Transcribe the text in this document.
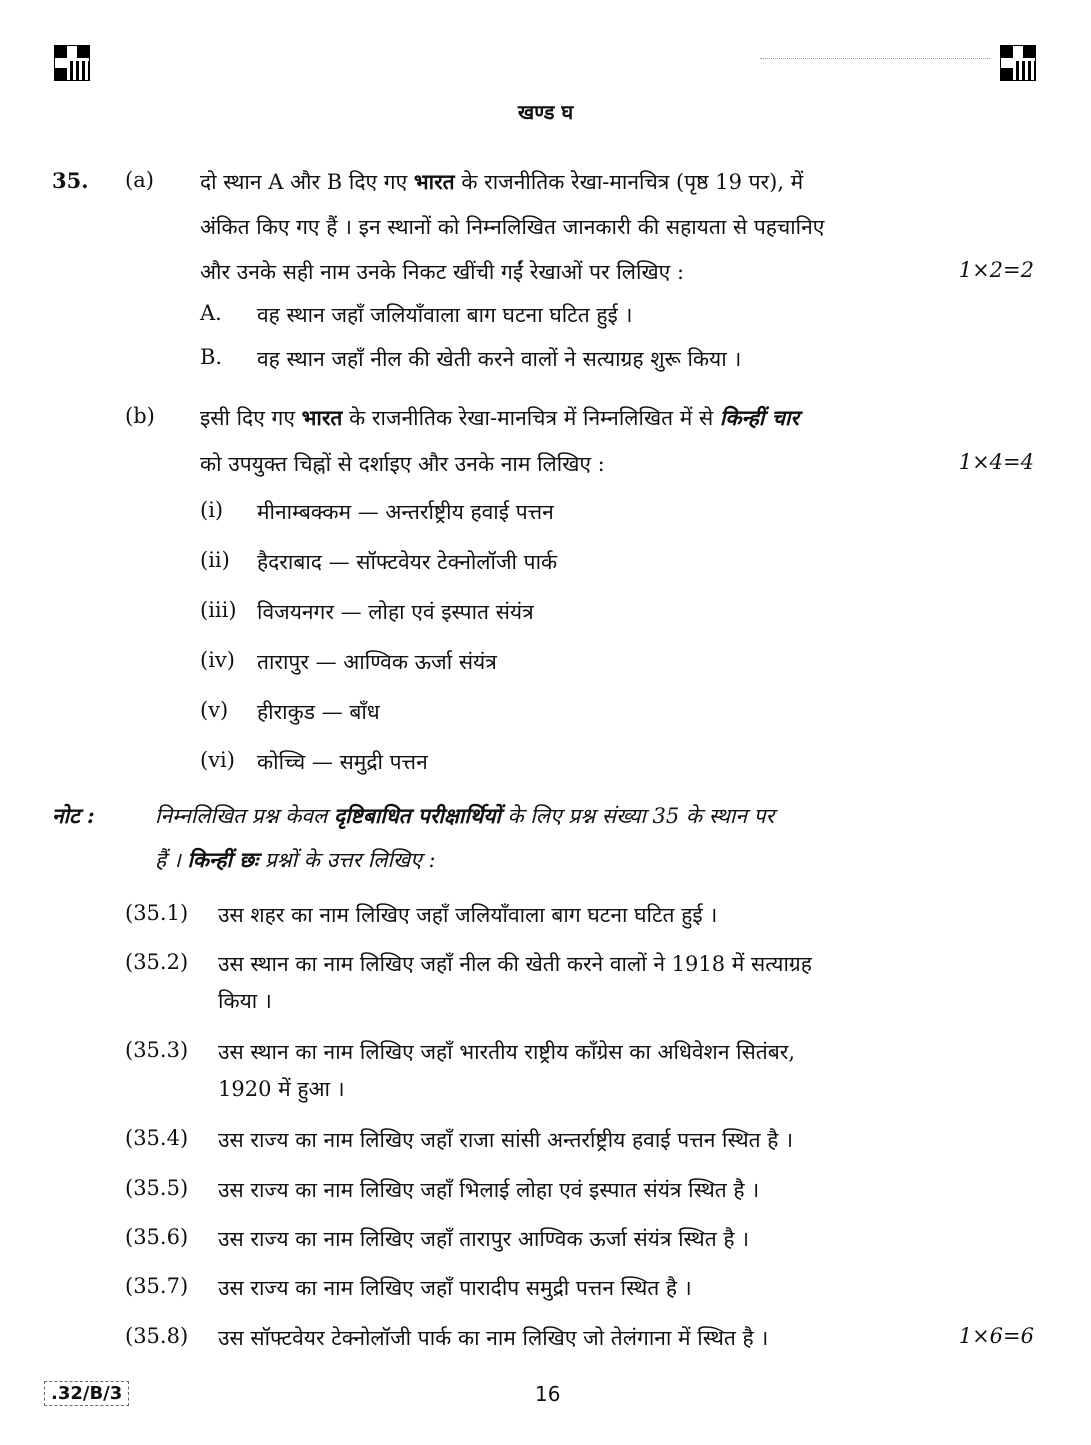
खण्ड घ
35. (a) दो स्थान A और B दिए गए भारत के राजनीतिक रेखा-मानचित्र (पृष्ठ 19 पर), में
अंकित किए गए हैं । इन स्थानों को निम्नलिखित जानकारी की सहायता से पहचानिए
और उनके सही नाम उनके निकट खींची गईं रेखाओं पर लिखिए :	1×2=2
A. वह स्थान जहाँ जलियाँवाला बाग घटना घटित हुई ।
B. वह स्थान जहाँ नील की खेती करने वालों ने सत्याग्रह शुरू किया ।
(b) इसी दिए गए भारत के राजनीतिक रेखा-मानचित्र में निम्नलिखित में से किन्हीं चार
को उपयुक्त चिह्नों से दर्शाइए और उनके नाम लिखिए :	1×4=4
(i) मीनाम्बक्कम — अन्तर्राष्ट्रीय हवाई पत्तन
(ii) हैदराबाद — सॉफ्टवेयर टेक्नोलॉजी पार्क
(iii) विजयनगर — लोहा एवं इस्पात संयंत्र
(iv) तारापुर — आण्विक ऊर्जा संयंत्र
(v) हीराकुड — बाँध
(vi) कोच्चि — समुद्री पत्तन
नोट :	निम्नलिखित प्रश्न केवल दृष्टिबाधित परीक्षार्थियों के लिए प्रश्न संख्या 35 के स्थान पर
हैं । किन्हीं छः प्रश्नों के उत्तर लिखिए :
(35.1) उस शहर का नाम लिखिए जहाँ जलियाँवाला बाग घटना घटित हुई ।
(35.2) उस स्थान का नाम लिखिए जहाँ नील की खेती करने वालों ने 1918 में सत्याग्रह
किया ।
(35.3) उस स्थान का नाम लिखिए जहाँ भारतीय राष्ट्रीय काँग्रेस का अधिवेशन सितंबर,
1920 में हुआ ।
(35.4) उस राज्य का नाम लिखिए जहाँ राजा सांसी अन्तर्राष्ट्रीय हवाई पत्तन स्थित है ।
(35.5) उस राज्य का नाम लिखिए जहाँ भिलाई लोहा एवं इस्पात संयंत्र स्थित है ।
(35.6) उस राज्य का नाम लिखिए जहाँ तारापुर आण्विक ऊर्जा संयंत्र स्थित है ।
(35.7) उस राज्य का नाम लिखिए जहाँ पारादीप समुद्री पत्तन स्थित है ।
(35.8) उस सॉफ्टवेयर टेक्नोलॉजी पार्क का नाम लिखिए जो तेलंगाना में स्थित है ।	1×6=6
.32/B/3	16
